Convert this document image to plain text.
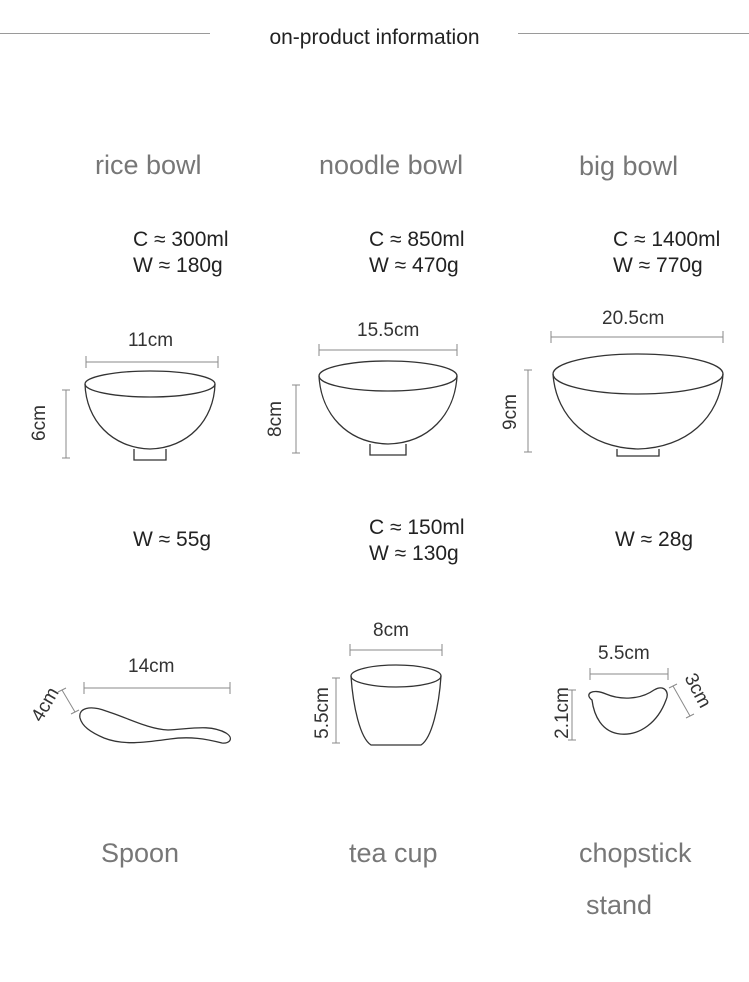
on-product information
rice bowl	noodle bowl	big bowl
C ≈ 300ml
W ≈ 180g
C ≈ 850ml
W ≈ 470g
C ≈ 1400ml
W ≈ 770g
11cm
6cm
15.5cm
8cm
20.5cm
9cm
W ≈ 55g
C ≈ 150ml
W ≈ 130g
W ≈ 28g
14cm
4cm
8cm
5.5cm
5.5cm
2.1cm	3cm
Spoon	tea cup	chopstick
stand
